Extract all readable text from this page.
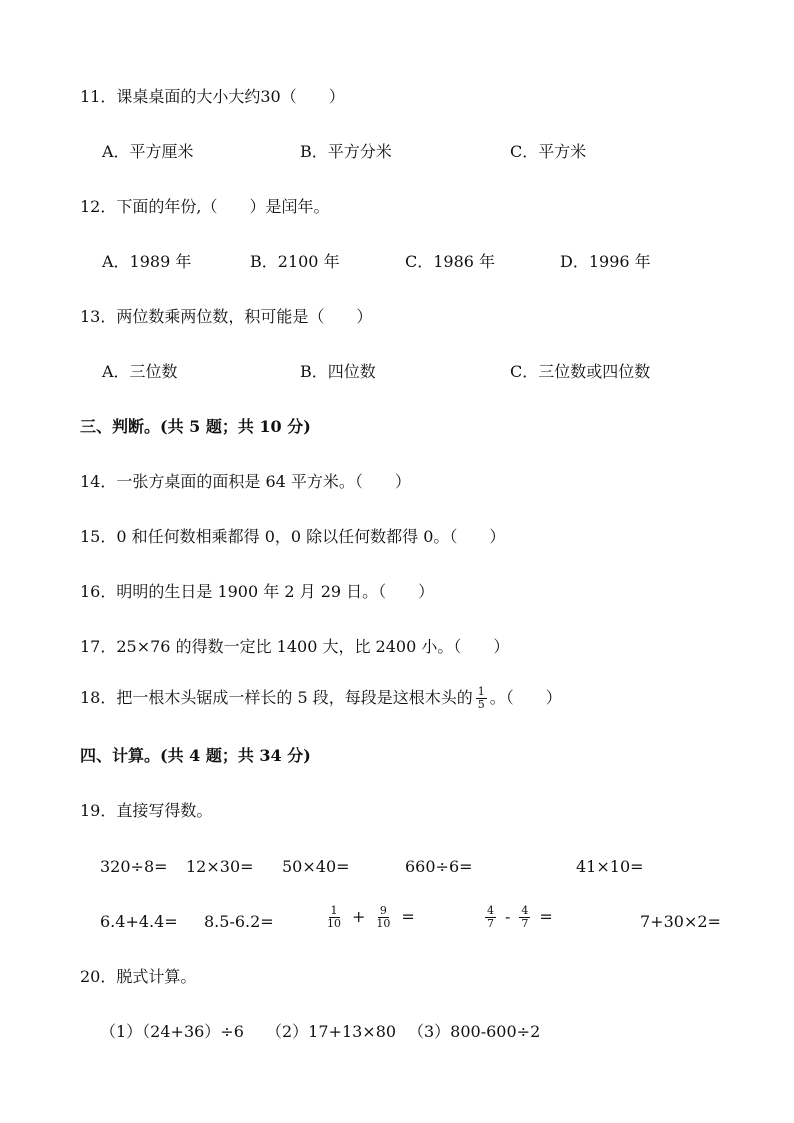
11．课桌桌面的大小大约30（　　）
A．平方厘米	B．平方分米	C．平方米
12．下面的年份,（　　）是闰年。
A．1989 年	B．2100 年	C．1986 年	D．1996 年
13．两位数乘两位数，积可能是（　　）
A．三位数	B．四位数	C．三位数或四位数
三、判断。(共 5 题；共 10 分)
14．一张方桌面的面积是 64 平方米。（　　）
15．0 和任何数相乘都得 0，0 除以任何数都得 0。（　　）
16．明明的生日是 1900 年 2 月 29 日。（　　）
17．25×76 的得数一定比 1400 大，比 2400 小。（　　）
18．把一根木头锯成一样长的 5 段，每段是这根木头的 $\frac{1}{5}$ 。（　　）
四、计算。(共 4 题；共 34 分)
19．直接写得数。
320÷8= 12×30= 50×40=	660÷6=	41×10=
6.4+4.4= 8.5-6.2=	$\frac{1}{10} + \frac{9}{10}$ =	$\frac{4}{7} - \frac{4}{7}$ =	7+30×2=
20．脱式计算。
（1）（24+36）÷6 （2）17+13×80 （3）800-600÷2
